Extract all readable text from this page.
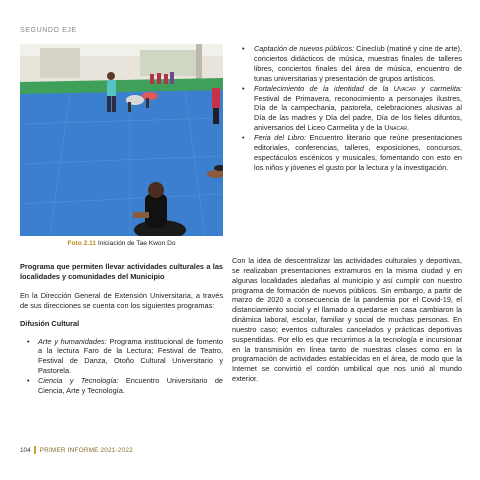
SEGUNDO EJE
Foto 2.11 Iniciación de Tae Kwon Do
• Captación de nuevos públicos: Cineclub (matiné y cine de arte), conciertos didácticos de música, muestras finales de talleres libres, conciertos finales del área de música, encuentro de tunas universitarias y presentación de grupos artísticos.
• Fortalecimiento de la identidad de la Uvacar y carmelita: Festival de Primavera, reconocimiento a personajes ilustres, Día de la campechania, pastorela, celebraciones alusivas al Día de las madres y Día del padre, Día de los fieles difuntos, aniversarios del Liceo Carmelita y de la Unacar.
• Feria del Libro: Encuentro literario que reúne presentaciones editoriales, conferencias, talleres, exposiciones, concursos, espectáculos escénicos y musicales, fomentando con esto en los niños y jóvenes el gusto por la lectura y la investigación.
Programa que permiten llevar actividades culturales a las localidades y comunidades del Municipio

En la Dirección General de Extensión Universitaria, a través de sus direcciones se cuenta con los siguientes programas:

Difusión Cultural
• Arte y humanidades: Programa institucional de fomento a la lectura Faro de la Lectura; Festival de Teatro, Festival de Danza, Otoño Cultural Universitario y Pastorela.
• Ciencia y Tecnología: Encuentro Universitario de Ciencia, Arte y Tecnología.
Con la idea de descentralizar las actividades culturales y deportivas, se realizaban presentaciones extramuros en la misma ciudad y en algunas localidades aledañas al municipio y así cumplir con nuestro programa de formación de nuevos públicos. Sin embargo, a partir de marzo de 2020 a consecuencia de la pandemia por el Covid-19, el distanciamiento social y el llamado a quedarse en casa cambiaron la dinámica laboral, escolar, familiar y social de muchas personas. En nuestro caso; eventos culturales cancelados y prácticas deportivas suspendidas. Por ello es que recurrimos a la tecnología e incursionar en la transmisión en línea tanto de nuestras clases como en la programación de actividades establecidas en el área, de modo que la Internet se convirtió el cordón umbilical que nos unió al mundo exterior.
104 PRIMER INFORME 2021-2022
